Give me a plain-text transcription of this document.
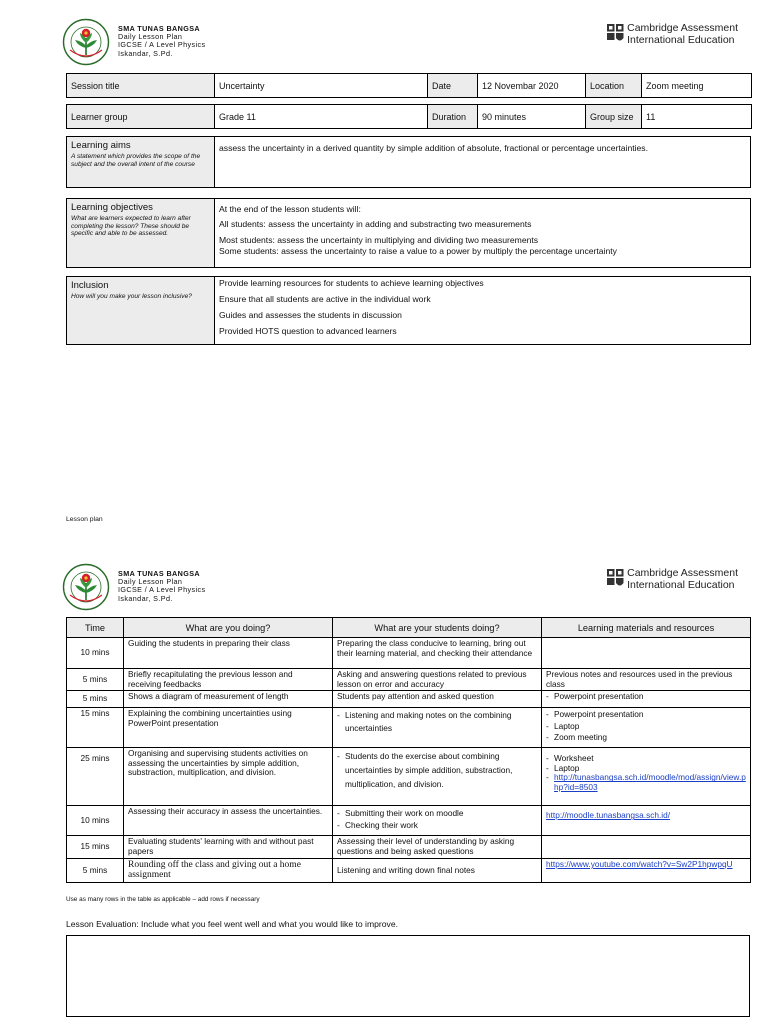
SMA TUNAS BANGSA
Daily Lesson Plan
IGCSE / A Level Physics
Iskandar, S.Pd.
Cambridge Assessment
International Education
Session title	Uncertainty	Date	12 Novembar 2020	Location	Zoom meeting
Learner group	Grade 11	Duration	90 minutes	Group size	11
Learning aims
A statement which provides the scope of the subject and the overall intent of the course
	assess the uncertainty in a derived quantity by simple addition of absolute, fractional or percentage uncertainties.
Learning objectives
What are learners expected to learn after completing the lesson? These should be specific and able to be assessed.

At the end of the lesson students will:
All students: assess the uncertainty in adding and substracting two measurements
Most students: assess the uncertainty in multiplying and dividing two measurements
Some students: assess the uncertainty to raise a value to a power by multiply the percentage uncertainty
Inclusion
How will you make your lesson inclusive?

Provide learning resources for students to achieve learning objectives
Ensure that all students are active in the individual work
Guides and assesses the students in discussion
Provided HOTS question to advanced learners
Lesson plan
SMA TUNAS BANGSA
Daily Lesson Plan
IGCSE / A Level Physics
Iskandar, S.Pd.
Cambridge Assessment
International Education
Time	What are you doing?	What are your students doing?	Learning materials and resources
10 mins	Guiding the students in preparing their class	Preparing the class conducive to learning, bring out their learning material, and checking their attendance	
5 mins	Briefly recapitulating the previous lesson and receiving feedbacks	Asking and answering questions related to previous lesson on error and accuracy	Previous notes and resources used in the previous class
5 mins	Shows a diagram of measurement of length	Students pay attention and asked question	- Powerpoint presentation

15 mins	Explaining the combining uncertainties using PowerPoint presentation	- Listening and making notes on the combining uncertainties	- Powerpoint presentation
- Laptop
- Zoom meeting

25 mins	Organising and supervising students activities on assessing the uncertainties by simple addition, substraction, multiplication, and division.	- Students do the exercise about combining uncertainties by simple addition, substraction, multiplication, and division.	- Worksheet
- Laptop
- http://tunasbangsa.sch.id/moodle/mod/assign/view.php?id=8503

10 mins	Assessing their accuracy in assess the uncertainties.	- Submitting their work on moodle
- Checking their work	http://moodle.tunasbangsa.sch.id/
15 mins	Evaluating students' learning with and without past papers	Assessing their level of understanding by asking questions and being asked questions	
5 mins	Rounding off the class and giving out a home assignment	Listening and writing down final notes	https://www.youtube.com/watch?v=Sw2P1hpwpqU
Use as many rows in the table as applicable – add rows if necessary
Lesson Evaluation: Include what you feel went well and what you would like to improve.
